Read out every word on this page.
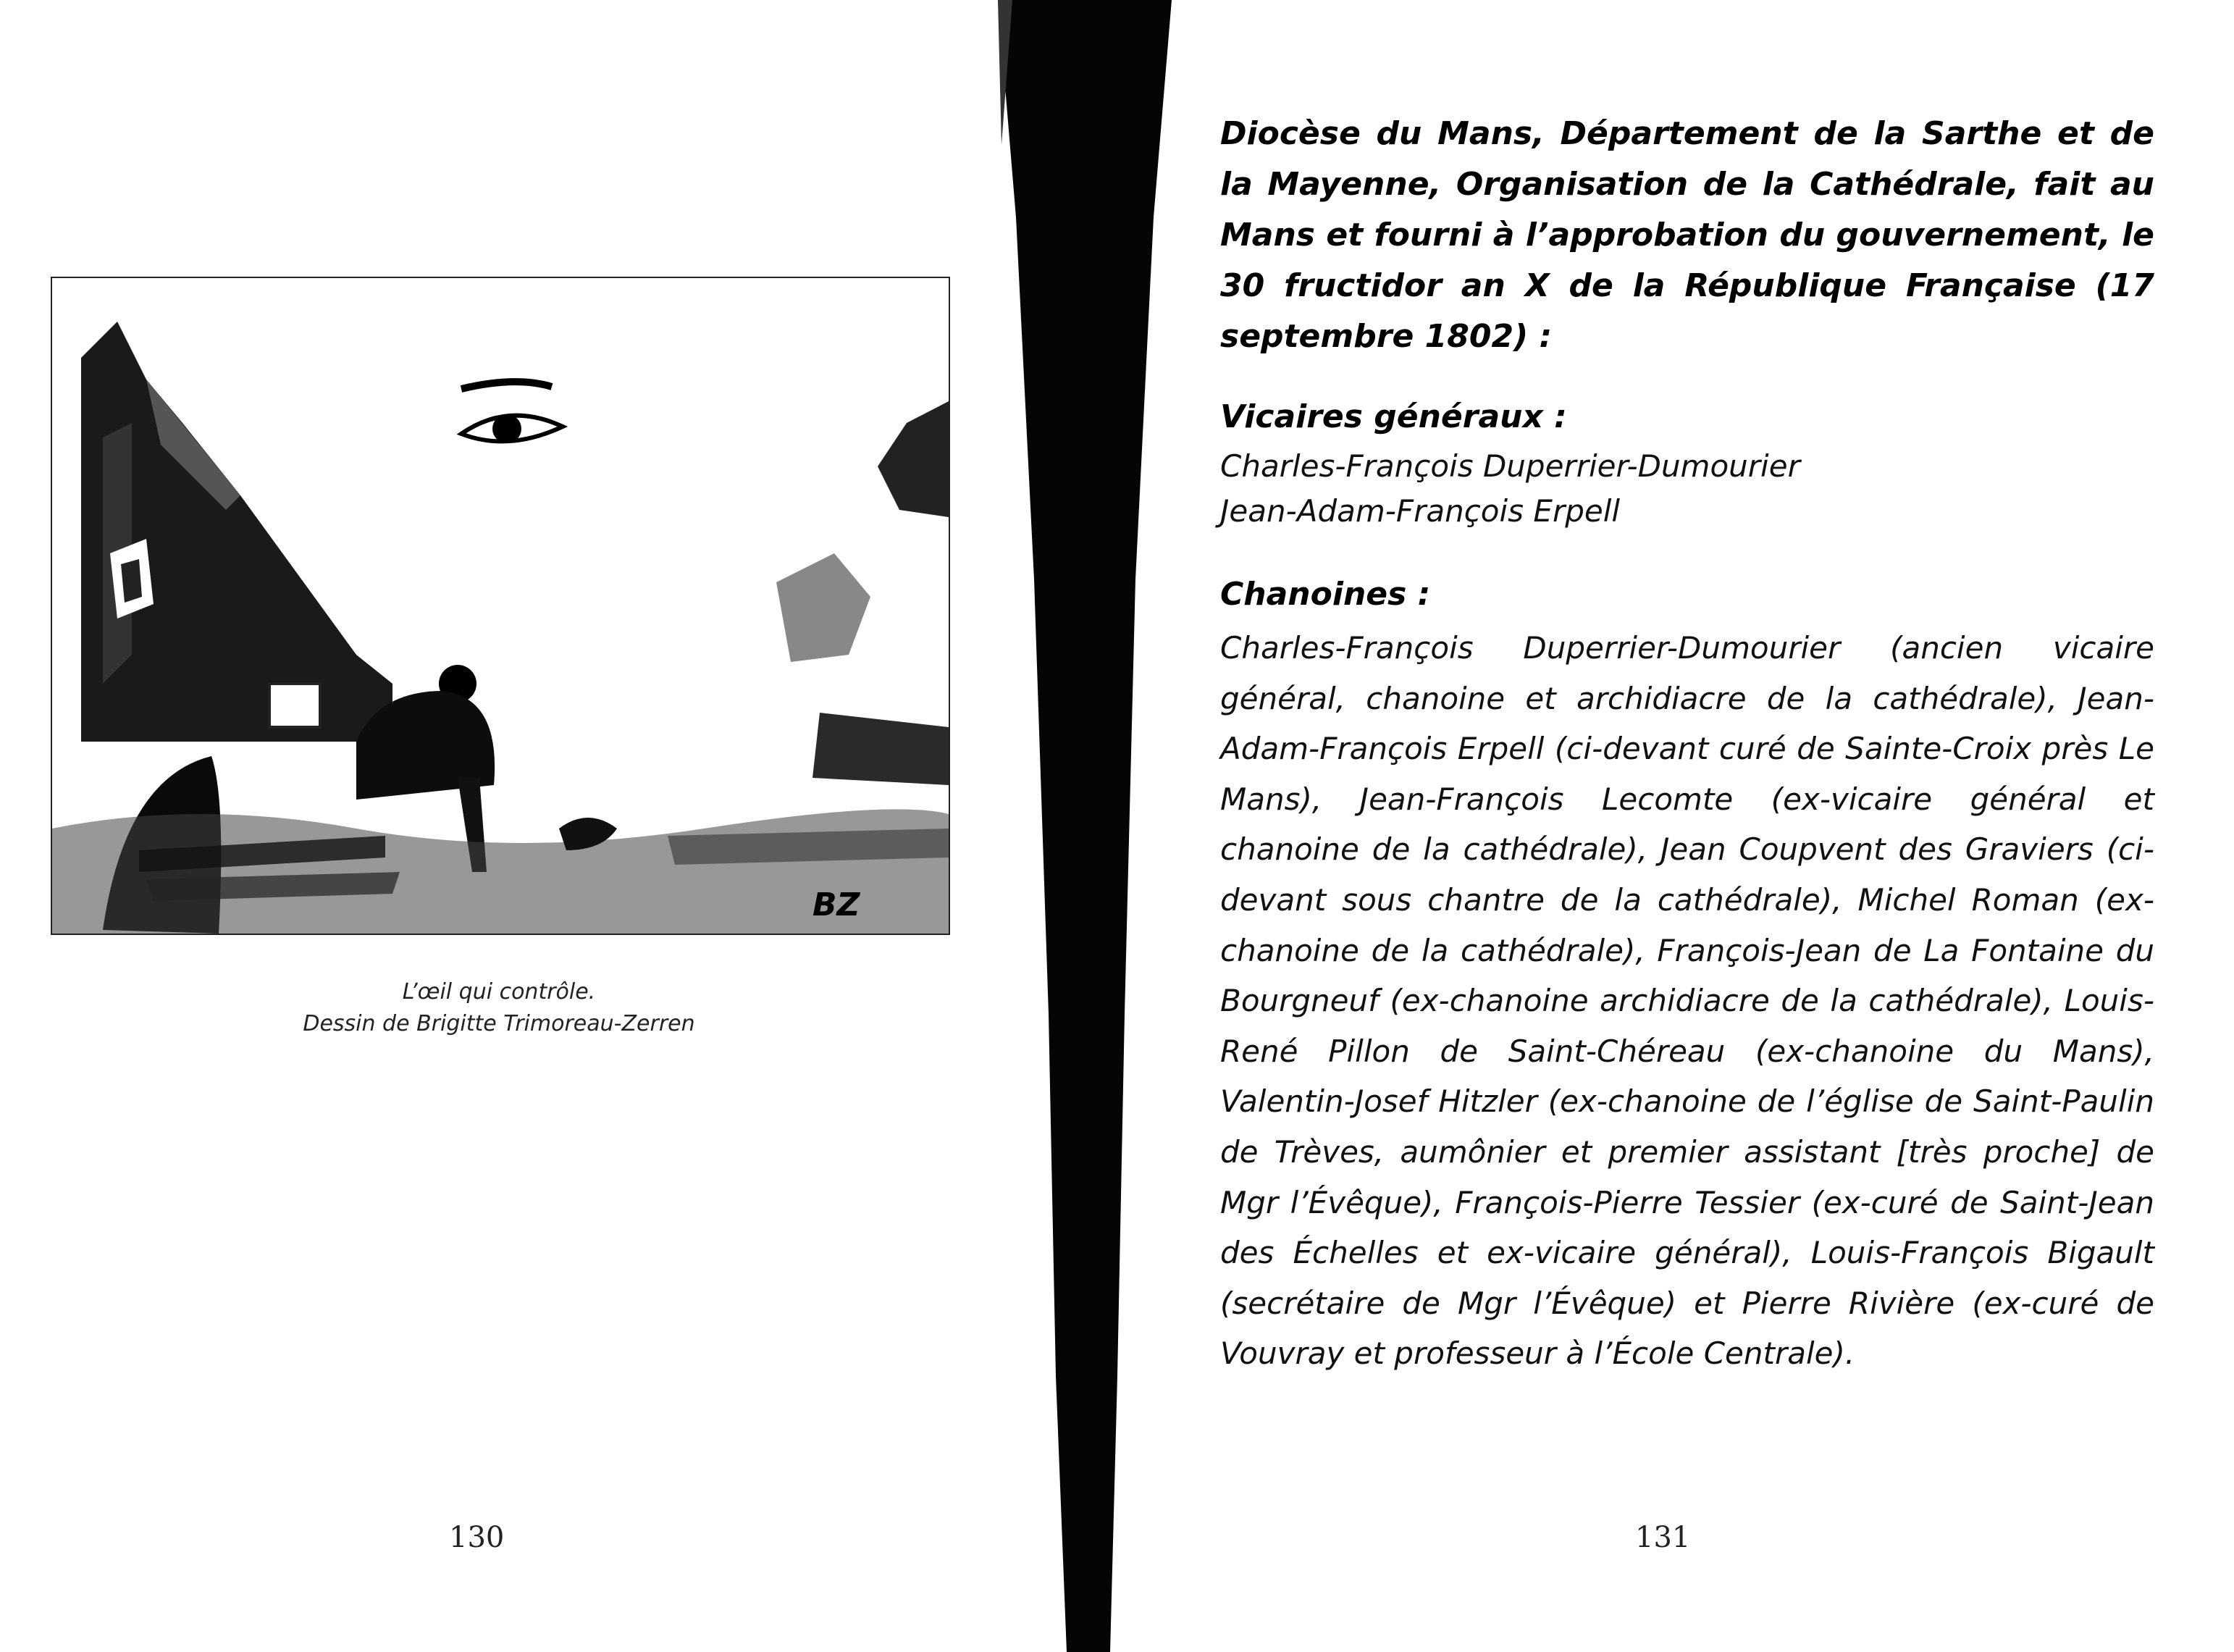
BZ
L’œil qui contrôle.
Dessin de Brigitte Trimoreau-Zerren
130
Diocèse du Mans, Département de la Sarthe et de la Mayenne, Organisation de la Cathédrale, fait au Mans et fourni à l’approbation du gouvernement, le 30 fructidor an X de la République Française (17 septembre 1802) :
Vicaires généraux :
Charles-François Duperrier-Dumourier
Jean-Adam-François Erpell
Chanoines :
Charles-François Duperrier-Dumourier (ancien vicaire général, chanoine et archidiacre de la cathédrale), Jean-Adam-François Erpell (ci-devant curé de Sainte-Croix près Le Mans), Jean-François Lecomte (ex-vicaire général et chanoine de la cathédrale), Jean Coupvent des Graviers (ci-devant sous chantre de la cathédrale), Michel Roman (ex-chanoine de la cathédrale), François-Jean de La Fontaine du Bourgneuf (ex-chanoine archidiacre de la cathédrale), Louis-René Pillon de Saint-Chéreau (ex-chanoine du Mans), Valentin-Josef Hitzler (ex-chanoine de l’église de Saint-Paulin de Trèves, aumônier et premier assistant [très proche] de Mgr l’Évêque), François-Pierre Tessier (ex-curé de Saint-Jean des Échelles et ex-vicaire général), Louis-François Bigault (secrétaire de Mgr l’Évêque) et Pierre Rivière (ex-curé de Vouvray et professeur à l’École Centrale).
131
